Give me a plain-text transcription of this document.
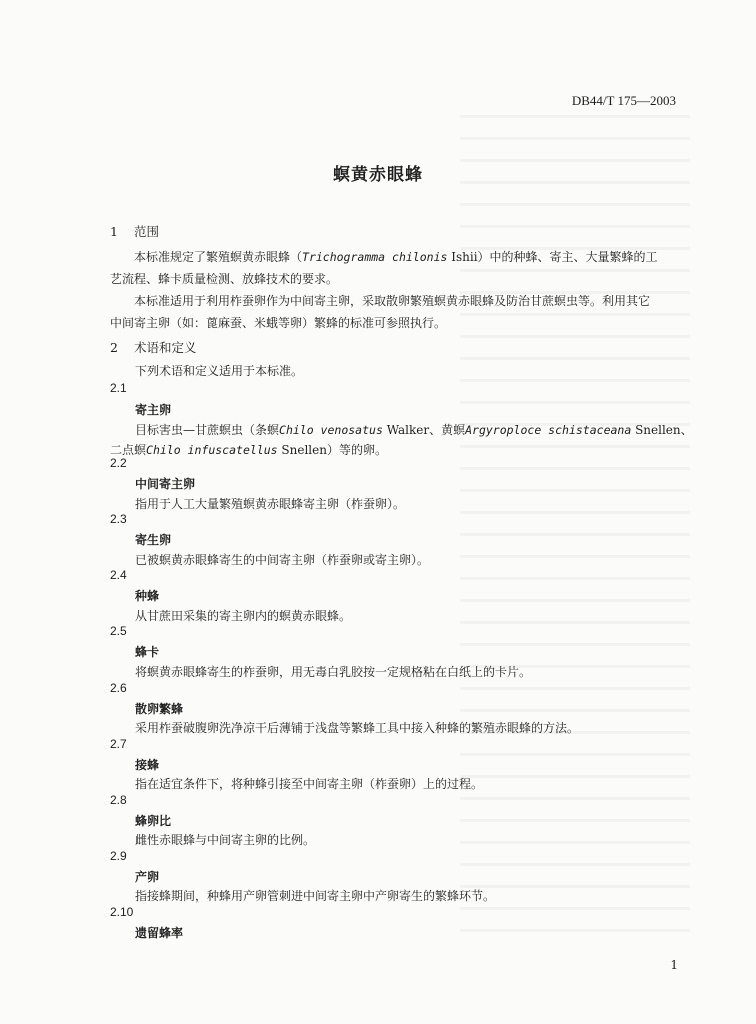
DB44/T 175—2003
螟黄赤眼蜂
1 范围
本标准规定了繁殖螟黄赤眼蜂（Trichogramma chilonis Ishii）中的种蜂、寄主、大量繁蜂的工
艺流程、蜂卡质量检测、放蜂技术的要求。
本标准适用于利用柞蚕卵作为中间寄主卵，采取散卵繁殖螟黄赤眼蜂及防治甘蔗螟虫等。利用其它
中间寄主卵（如：蓖麻蚕、米蛾等卵）繁蜂的标准可参照执行。
2 术语和定义
下列术语和定义适用于本标准。
2.1
寄主卵
目标害虫—甘蔗螟虫（条螟Chilo venosatus Walker、黄螟Argyroploce schistaceana Snellen、
二点螟Chilo infuscatellus Snellen）等的卵。
2.2
中间寄主卵
指用于人工大量繁殖螟黄赤眼蜂寄主卵（柞蚕卵）。
2.3
寄生卵
已被螟黄赤眼蜂寄生的中间寄主卵（柞蚕卵或寄主卵）。
2.4
种蜂
从甘蔗田采集的寄主卵内的螟黄赤眼蜂。
2.5
蜂卡
将螟黄赤眼蜂寄生的柞蚕卵，用无毒白乳胶按一定规格粘在白纸上的卡片。
2.6
散卵繁蜂
采用柞蚕破腹卵洗净凉干后薄铺于浅盘等繁蜂工具中接入种蜂的繁殖赤眼蜂的方法。
2.7
接蜂
指在适宜条件下，将种蜂引接至中间寄主卵（柞蚕卵）上的过程。
2.8
蜂卵比
雌性赤眼蜂与中间寄主卵的比例。
2.9
产卵
指接蜂期间，种蜂用产卵管刺进中间寄主卵中产卵寄生的繁蜂环节。
2.10
遗留蜂率
1
